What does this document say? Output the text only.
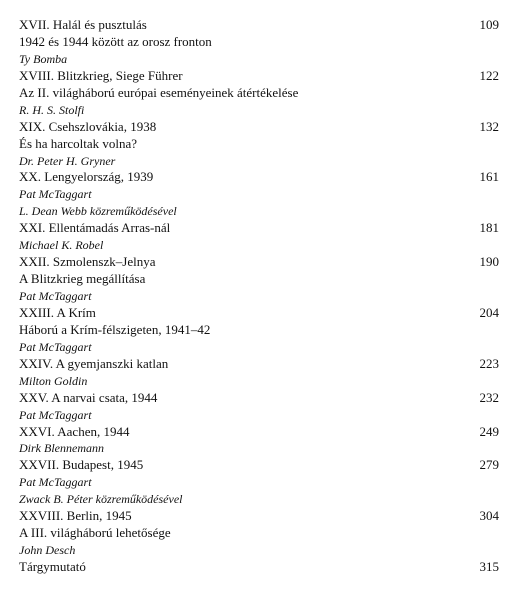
XVII. Halál és pusztulás	109
1942 és 1944 között az orosz fronton
Ty Bomba
XVIII. Blitzkrieg, Siege Führer	122
Az II. világháború európai eseményeinek átértékelése
R. H. S. Stolfi
XIX. Csehszlovákia, 1938	132
És ha harcoltak volna?
Dr. Peter H. Gryner
XX. Lengyelország, 1939	161
Pat McTaggart
L. Dean Webb közreműködésével
XXI. Ellentámadás Arras-nál	181
Michael K. Robel
XXII. Szmolenszk–Jelnya	190
A Blitzkrieg megállítása
Pat McTaggart
XXIII. A Krím	204
Háború a Krím-félszigeten, 1941–42
Pat McTaggart
XXIV. A gyemjanszki katlan	223
Milton Goldin
XXV. A narvai csata, 1944	232
Pat McTaggart
XXVI. Aachen, 1944	249
Dirk Blennemann
XXVII. Budapest, 1945	279
Pat McTaggart
Zwack B. Péter közreműködésével
XXVIII. Berlin, 1945	304
A III. világháború lehetősége
John Desch
Tárgymutató	315
